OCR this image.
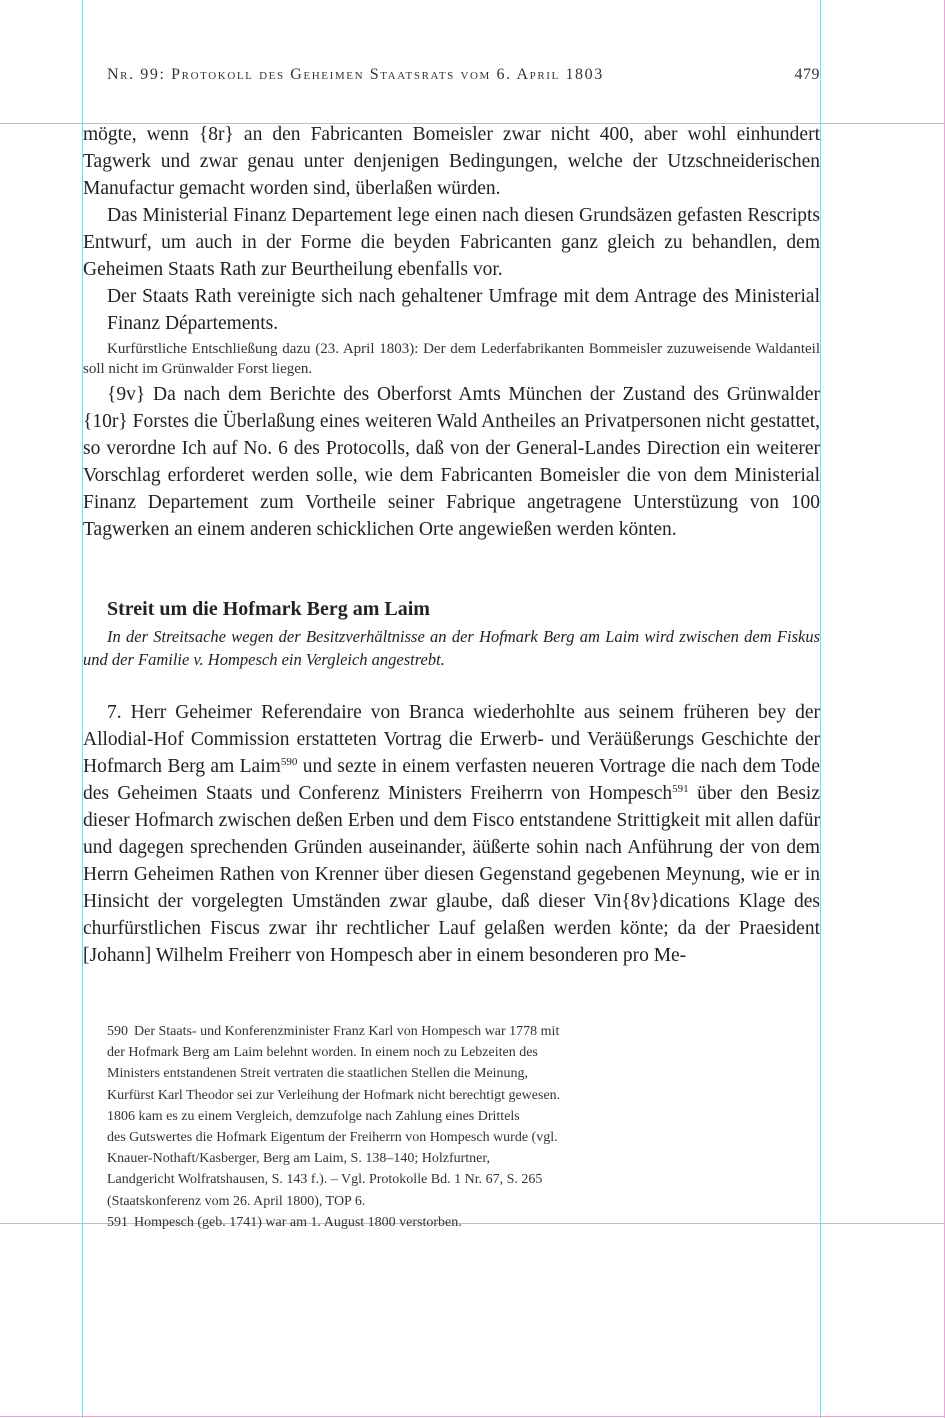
Nr. 99: Protokoll des Geheimen Staatsrats vom 6. April 1803	479

mögte, wenn {8r} an den Fabricanten Bomeisler zwar nicht 400, aber wohl einhundert Tagwerk und zwar genau unter denjenigen Bedingungen, welche der Utzschneiderischen Manufactur gemacht worden sind, überlaßen würden.

Das Ministerial Finanz Departement lege einen nach diesen Grundsäzen gefasten Rescripts Entwurf, um auch in der Forme die beyden Fabricanten ganz gleich zu behandlen, dem Geheimen Staats Rath zur Beurtheilung ebenfalls vor.

Der Staats Rath vereinigte sich nach gehaltener Umfrage mit dem Antrage des Ministerial Finanz Départements.

Kurfürstliche Entschließung dazu (23. April 1803): Der dem Lederfabrikanten Bommeisler zuzuweisende Waldanteil soll nicht im Grünwalder Forst liegen.

{9v} Da nach dem Berichte des Oberforst Amts München der Zustand des Grünwalder {10r} Forstes die Überlaßung eines weiteren Wald Antheiles an Privatpersonen nicht gestattet, so verordne Ich auf No. 6 des Protocolls, daß von der General-Landes Direction ein weiterer Vorschlag erforderet werden solle, wie dem Fabricanten Bomeisler die von dem Ministerial Finanz Departement zum Vortheile seiner Fabrique angetragene Unterstüzung von 100 Tagwerken an einem anderen schicklichen Orte angewießen werden könten.

Streit um die Hofmark Berg am Laim

In der Streitsache wegen der Besitzverhältnisse an der Hofmark Berg am Laim wird zwischen dem Fiskus und der Familie v. Hompesch ein Vergleich angestrebt.

7. Herr Geheimer Referendaire von Branca wiederhohlte aus seinem früheren bey der Allodial-Hof Commission erstatteten Vortrag die Erwerb- und Veräüßerungs Geschichte der Hofmarch Berg am Laim$^{590}$ und sezte in einem verfasten neueren Vortrage die nach dem Tode des Geheimen Staats und Conferenz Ministers Freiherrn von Hompesch$^{591}$ über den Besiz dieser Hofmarch zwischen deßen Erben und dem Fisco entstandene Strittigkeit mit allen dafür und dagegen sprechenden Gründen auseinander, äüßerte sohin nach Anführung der von dem Herrn Geheimen Rathen von Krenner über diesen Gegenstand gegebenen Meynung, wie er in Hinsicht der vorgelegten Umständen zwar glaube, daß dieser Vin{8v}dications Klage des churfürstlichen Fiscus zwar ihr rechtlicher Lauf gelaßen werden könte; da der Praesident [Johann] Wilhelm Freiherr von Hompesch aber in einem besonderen pro Me-

590 Der Staats- und Konferenzminister Franz Karl von Hompesch war 1778 mit
der Hofmark Berg am Laim belehnt worden. In einem noch zu Lebzeiten des
Ministers entstandenen Streit vertraten die staatlichen Stellen die Meinung,
Kurfürst Karl Theodor sei zur Verleihung der Hofmark nicht berechtigt gewesen.
1806 kam es zu einem Vergleich, demzufolge nach Zahlung eines Drittels
des Gutswertes die Hofmark Eigentum der Freiherrn von Hompesch wurde (vgl.
Knauer-Nothaft/Kasberger, Berg am Laim, S. 138–140; Holzfurtner,
Landgericht Wolfratshausen, S. 143 f.). – Vgl. Protokolle Bd. 1 Nr. 67, S. 265
(Staatskonferenz vom 26. April 1800), TOP 6.
591 Hompesch (geb. 1741) war am 1. August 1800 verstorben.
